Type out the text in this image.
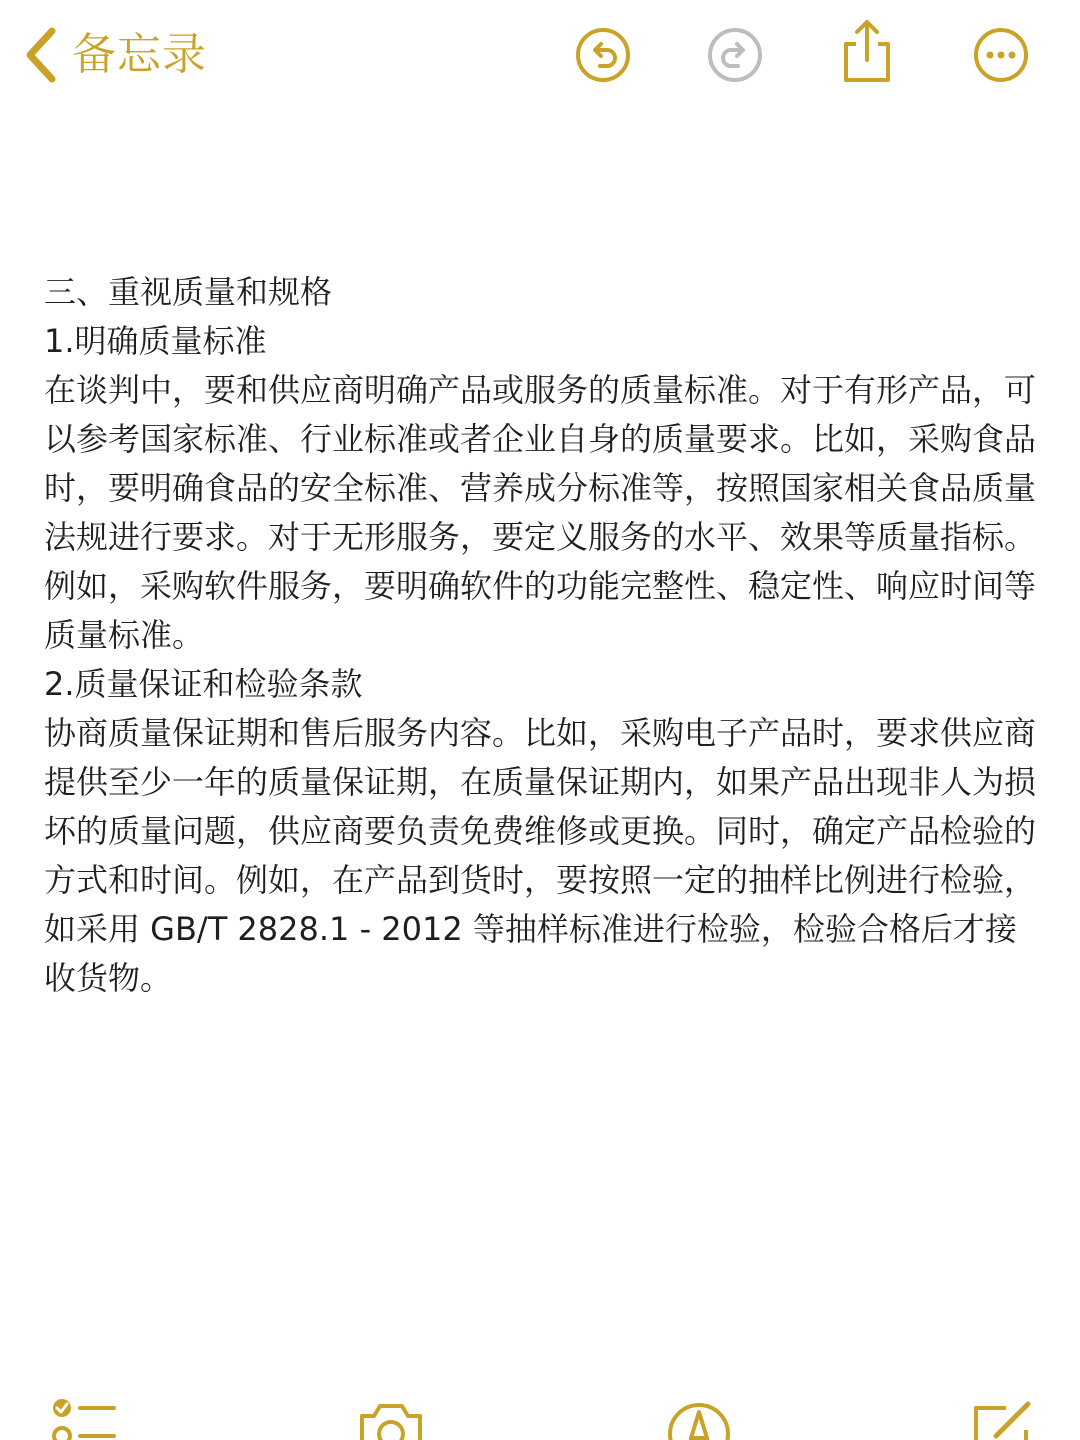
备忘录

三、重视质量和规格

1.明确质量标准

在谈判中，要和供应商明确产品或服务的质量标准。对于有形产品，可以参考国家标准、行业标准或者企业自身的质量要求。比如，采购食品时，要明确食品的安全标准、营养成分标准等，按照国家相关食品质量法规进行要求。对于无形服务，要定义服务的水平、效果等质量指标。例如，采购软件服务，要明确软件的功能完整性、稳定性、响应时间等质量标准。

2.质量保证和检验条款

协商质量保证期和售后服务内容。比如，采购电子产品时，要求供应商提供至少一年的质量保证期，在质量保证期内，如果产品出现非人为损坏的质量问题，供应商要负责免费维修或更换。同时，确定产品检验的方式和时间。例如，在产品到货时，要按照一定的抽样比例进行检验，如采用 GB/T 2828.1 - 2012 等抽样标准进行检验，检验合格后才接收货物。
